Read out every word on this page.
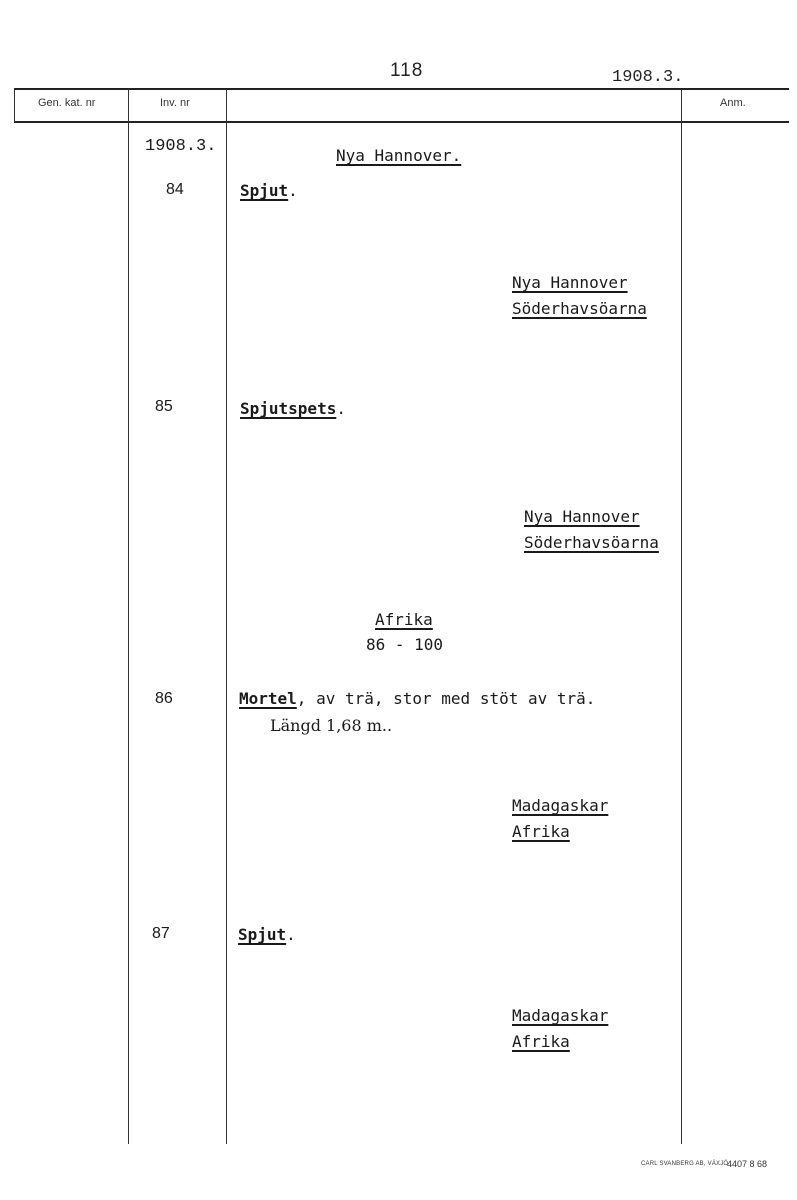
118	1908.3.
Gen. kat. nr	Inv. nr	Anm.
1908.3.	Nya Hannover.
84	Spjut.
Nya Hannover
Söderhavsöarna
85	Spjutspets.
Nya Hannover
Söderhavsöarna
Afrika
86 - 100
86	Mortel, av trä, stor med stöt av trä.
Längd 1,68 m..
Madagaskar
Afrika
87	Spjut.
Madagaskar
Afrika
CARL SVANBERG AB, VÄXJÖ
4407 8 68
